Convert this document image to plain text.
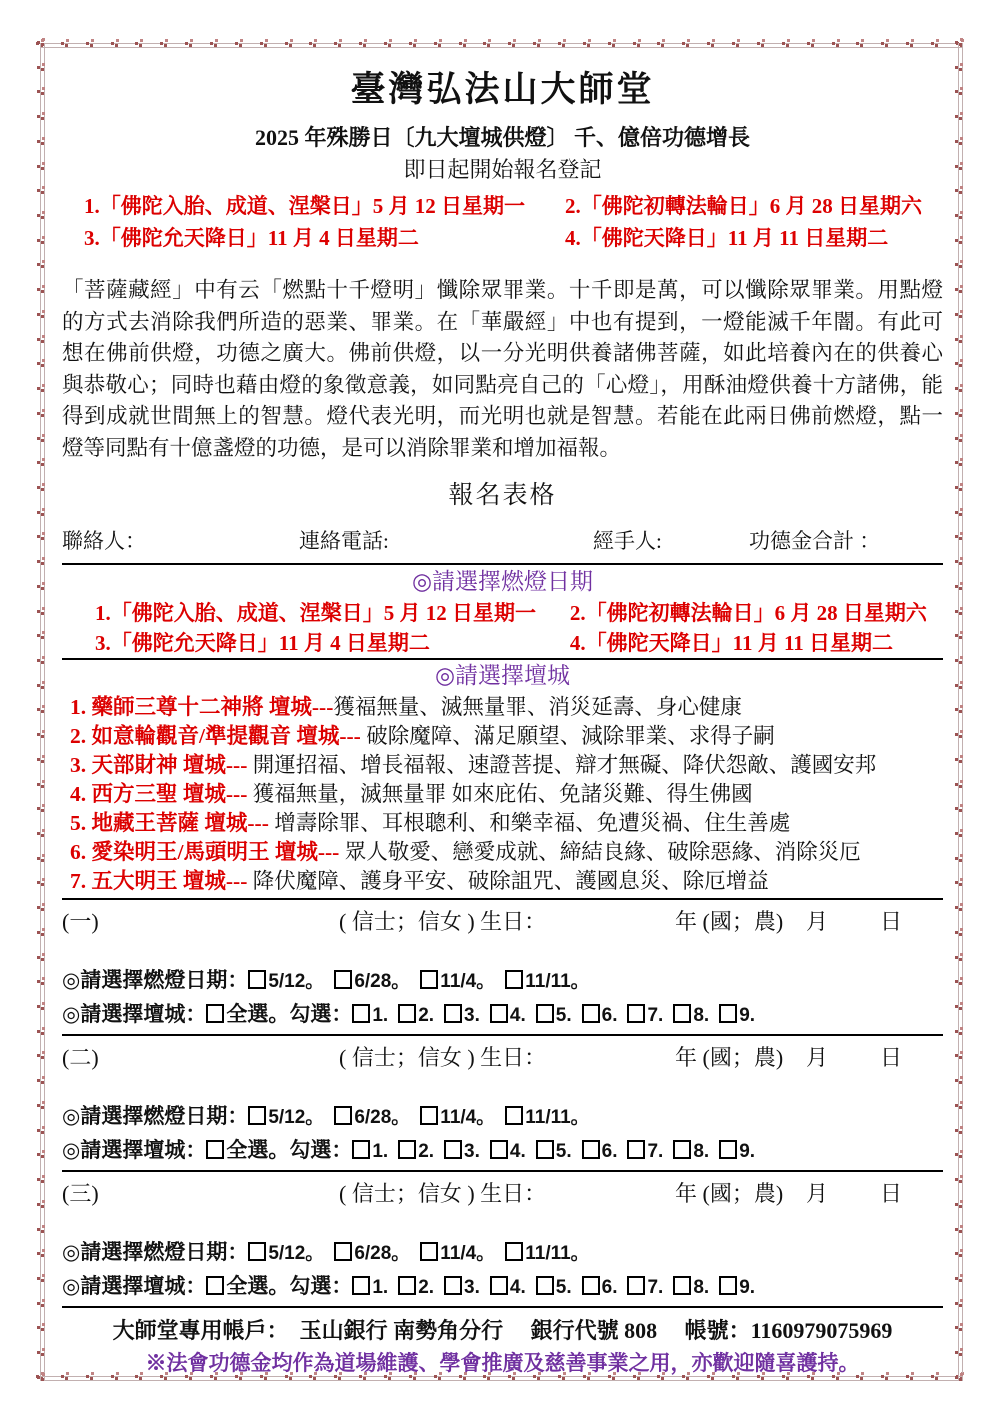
臺灣弘法山大師堂
2025 年殊勝日〔九大壇城供燈〕 千、億倍功德增長
即日起開始報名登記
1.「佛陀入胎、成道、涅槃日」5 月 12 日星期一	2.「佛陀初轉法輪日」6 月 28 日星期六
3.「佛陀允天降日」11 月 4 日星期二	4.「佛陀天降日」11 月 11 日星期二
「菩薩藏經」中有云「燃點十千燈明」懺除眾罪業。十千即是萬，可以懺除眾罪業。用點燈的方式去消除我們所造的惡業、罪業。在「華嚴經」中也有提到，一燈能滅千年闇。有此可想在佛前供燈，功德之廣大。佛前供燈，以一分光明供養諸佛菩薩，如此培養內在的供養心與恭敬心；同時也藉由燈的象徵意義，如同點亮自己的「心燈」，用酥油燈供養十方諸佛，能得到成就世間無上的智慧。燈代表光明，而光明也就是智慧。若能在此兩日佛前燃燈，點一燈等同點有十億盞燈的功德，是可以消除罪業和增加福報。
報名表格
聯絡人：	連絡電話:	經手人:	功德金合計 ：
◎請選擇燃燈日期
1.「佛陀入胎、成道、涅槃日」5 月 12 日星期一	2.「佛陀初轉法輪日」6 月 28 日星期六
3.「佛陀允天降日」11 月 4 日星期二	4.「佛陀天降日」11 月 11 日星期二
◎請選擇壇城
1. 藥師三尊十二神將 壇城---獲福無量、滅無量罪、消災延壽、身心健康
2. 如意輪觀音/準提觀音 壇城--- 破除魔障、滿足願望、減除罪業、求得子嗣
3. 天部財神 壇城--- 開運招福、增長福報、速證菩提、辯才無礙、降伏怨敵、護國安邦
4. 西方三聖 壇城--- 獲福無量，滅無量罪 如來庇佑、免諸災難、得生佛國
5. 地藏王菩薩 壇城--- 增壽除罪、耳根聰利、和樂幸福、免遭災禍、住生善處
6. 愛染明王/馬頭明王 壇城--- 眾人敬愛、戀愛成就、締結良緣、破除惡緣、消除災厄
7. 五大明王 壇城--- 降伏魔障、護身平安、破除詛咒、護國息災、除厄增益
(一)	( 信士；信女 ) 生日：	年 (國；農) 月 日
◎請選擇燃燈日期： 5/12。 6/28。 11/4。 11/11。
◎請選擇壇城： 全選。勾選： 1. 2. 3. 4. 5. 6. 7. 8. 9.
(二)	( 信士；信女 ) 生日：	年 (國；農) 月 日
◎請選擇燃燈日期： 5/12。 6/28。 11/4。 11/11。
◎請選擇壇城： 全選。勾選： 1. 2. 3. 4. 5. 6. 7. 8. 9.
(三)	( 信士；信女 ) 生日：	年 (國；農) 月 日
◎請選擇燃燈日期： 5/12。 6/28。 11/4。 11/11。
◎請選擇壇城： 全選。勾選： 1. 2. 3. 4. 5. 6. 7. 8. 9.
大師堂專用帳戶：　玉山銀行 南勢角分行　 銀行代號 808　 帳號：1160979075969
※法會功德金均作為道場維護、學會推廣及慈善事業之用，亦歡迎隨喜護持。
